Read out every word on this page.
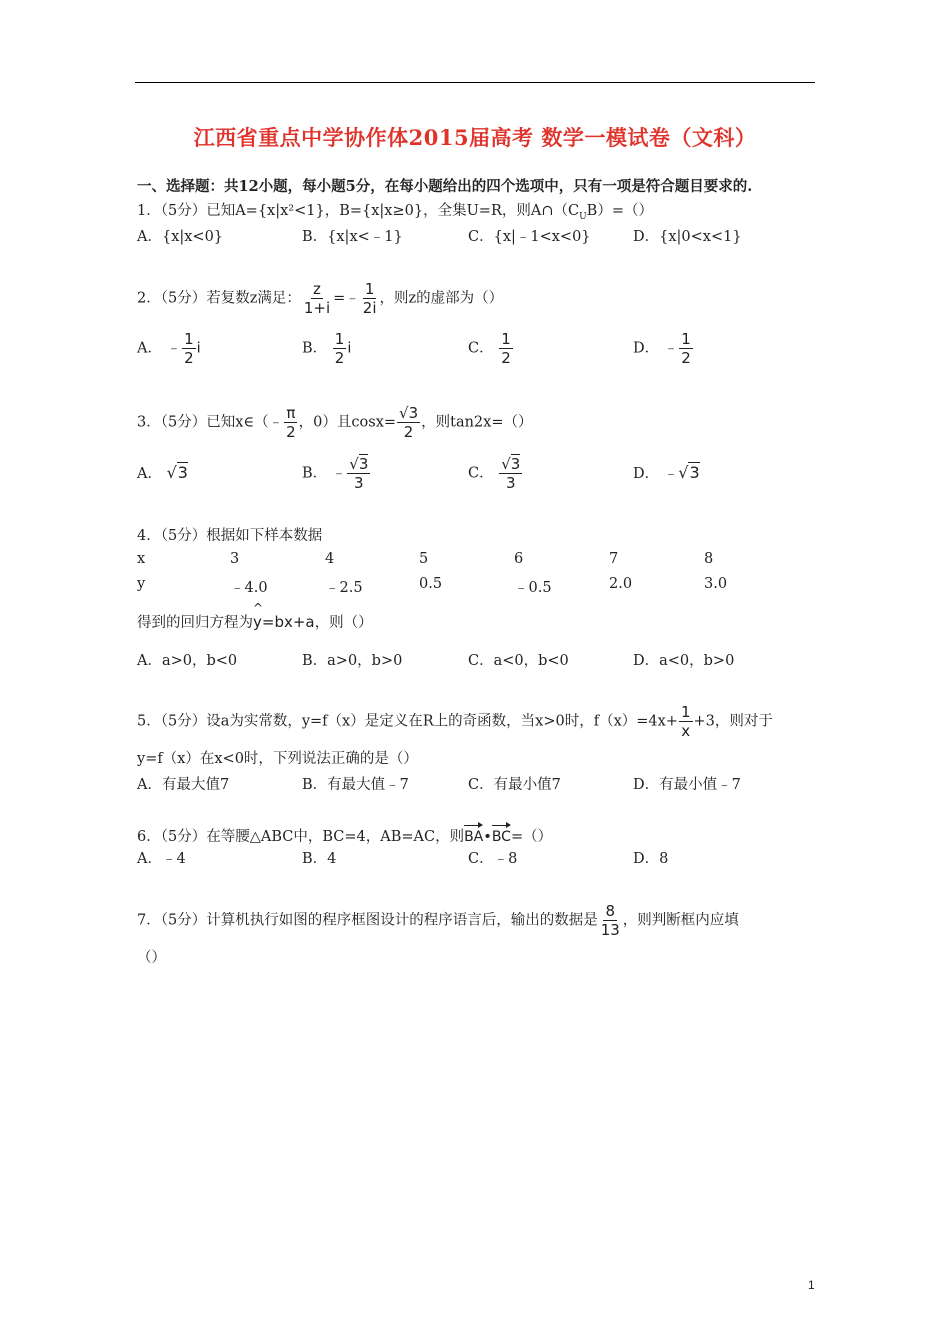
江西省重点中学协作体2015届高考 数学一模试卷（文科）
一、选择题：共12小题，每小题5分，在每小题给出的四个选项中，只有一项是符合题目要求的.
1．（5分）已知A={x|x²<1}，B={x|x≥0}，全集U=R，则$A\cap(C_UB)=()$
A．{x|x<0}	B．{x|x<﹣1}	C．{x|﹣1<x<0}	D．{x|0<x<1}
2．（5分）若复数z满足： $\frac{z}{1+i}$ =﹣ $\frac{1}{2i}$ ，则z的虚部为（）
A． ﹣ $\frac{1}{2}$ i	B． $\frac{1}{2}$ i	C． $\frac{1}{2}$	D． ﹣ $\frac{1}{2}$
3．（5分）已知x∈（﹣ $\frac{\pi}{2}$ ，0）且$\cos x= \frac{√3}{2}$ ，则tan2x=（）
A． √3	B． ﹣ $\frac{√3}{3}$	C． $\frac{√3}{3}$	D． ﹣√3
4．（5分）根据如下样本数据
x	3	4	5	6	7	8
y	﹣4.0	﹣2.5	0.5	﹣0.5	2.0	3.0
得到的回归方程为
^
y=bx+a，则（）
A．a>0，b<0	B．a>0，b>0	C．a<0，b<0	D．a<0，b>0
5．（5分）设a为实常数，y=f（x）是定义在R上的奇函数，当x>0时，$f(x)=4x+ \frac{1}{x} +3$，则对于
y=f（x）在x<0时，下列说法正确的是（）
A．有最大值7	B．有最大值﹣7	C．有最小值7	D．有最小值﹣7
6．（5分）在等腰△ABC中，BC=4，AB=AC，则BA•BC=（）
A．﹣4	B．4	C．﹣8	D．8
7．（5分）计算机执行如图的程序框图设计的程序语言后，输出的数据是 $\frac{8}{13}$ ，则判断框内应填
（）
1
